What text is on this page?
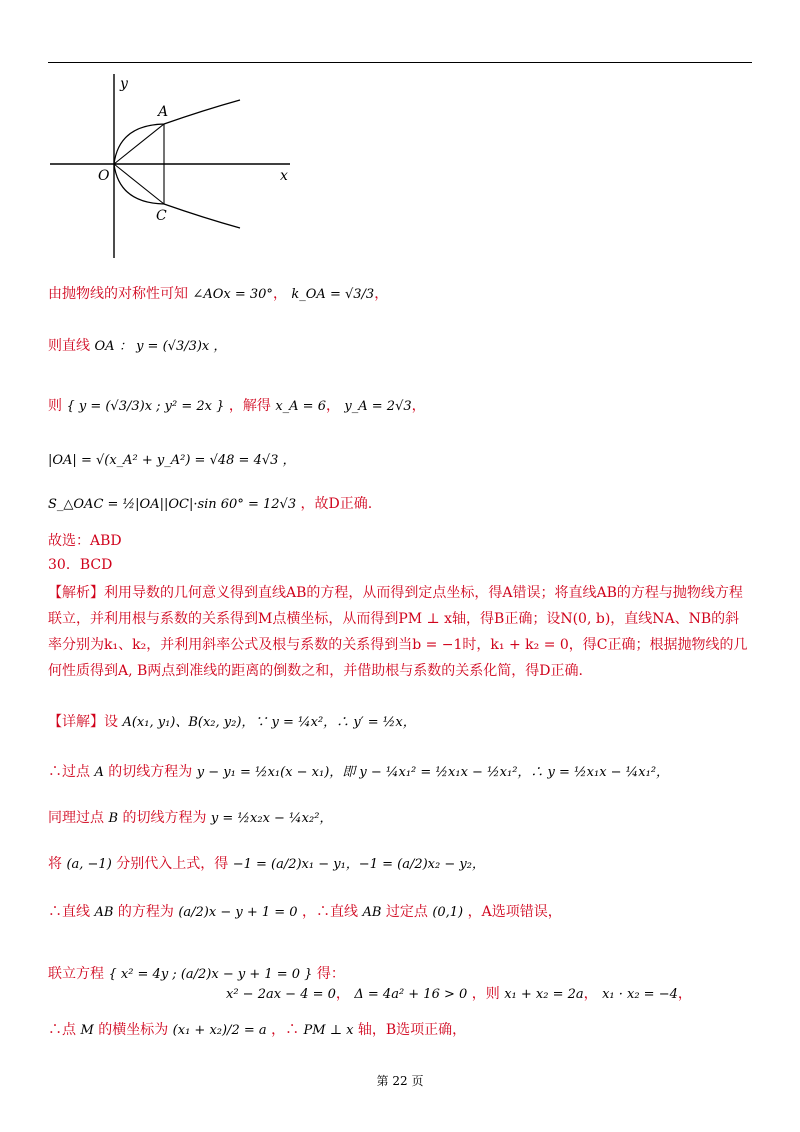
y
x
O
A
C
由抛物线的对称性可知 ∠AOx = 30°， k_OA = √3/3，
则直线 OA ： y = (√3/3)x ，
则 { y = (√3/3)x ; y² = 2x } ，解得 x_A = 6， y_A = 2√3，
|OA| = √(x_A² + y_A²) = √48 = 4√3 ，
S_△OAC = ½|OA||OC|·sin 60° = 12√3 ，故D正确.
故选：ABD
30．BCD
【解析】利用导数的几何意义得到直线AB的方程，从而得到定点坐标，得A错误；将直线AB的方程与抛物线方程联立，并利用根与系数的关系得到M点横坐标，从而得到PM ⊥ x轴，得B正确；设N(0, b)，直线NA、NB的斜率分别为k₁、k₂，并利用斜率公式及根与系数的关系得到当b = −1时，k₁ + k₂ = 0，得C正确；根据抛物线的几何性质得到A, B两点到准线的距离的倒数之和，并借助根与系数的关系化简，得D正确.
【详解】设 A(x₁, y₁)、B(x₂, y₂)，∵ y = ¼x²，∴ y′ = ½x，
∴过点 A 的切线方程为 y − y₁ = ½x₁(x − x₁)，即 y − ¼x₁² = ½x₁x − ½x₁²，∴ y = ½x₁x − ¼x₁²，
同理过点 B 的切线方程为 y = ½x₂x − ¼x₂²，
将 (a, −1) 分别代入上式，得 −1 = (a/2)x₁ − y₁，−1 = (a/2)x₂ − y₂，
∴直线 AB 的方程为 (a/2)x − y + 1 = 0 ，∴直线 AB 过定点 (0,1) ，A选项错误，
联立方程 { x² = 4y ; (a/2)x − y + 1 = 0 } 得：
x² − 2ax − 4 = 0， Δ = 4a² + 16 > 0 ，则 x₁ + x₂ = 2a， x₁ · x₂ = −4，
∴点 M 的横坐标为 (x₁ + x₂)/2 = a ，∴ PM ⊥ x 轴，B选项正确，
第 22 页
